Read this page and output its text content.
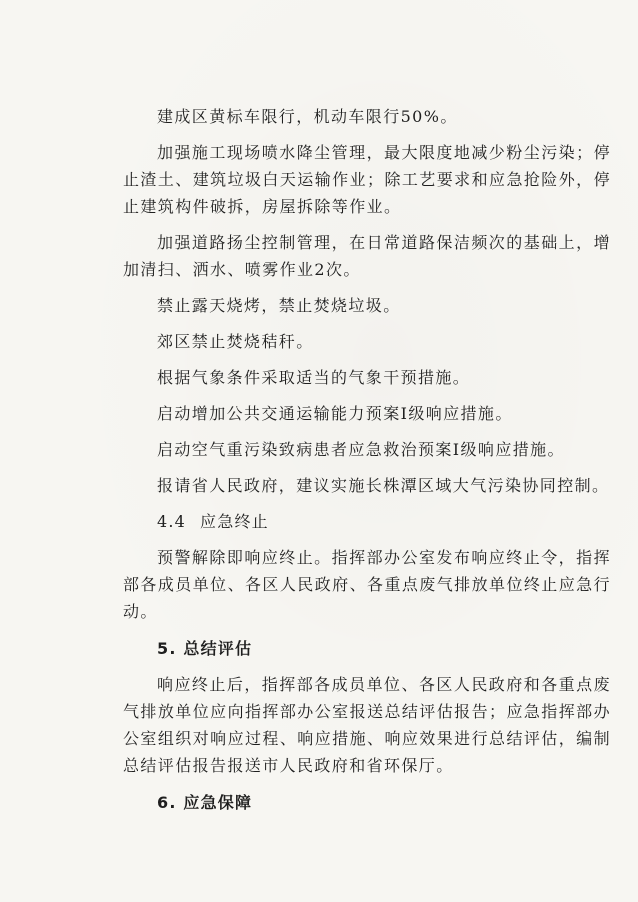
建成区黄标车限行，机动车限行50%。

加强施工现场喷水降尘管理，最大限度地减少粉尘污染；停止渣土、建筑垃圾白天运输作业；除工艺要求和应急抢险外，停止建筑构件破拆，房屋拆除等作业。

加强道路扬尘控制管理，在日常道路保洁频次的基础上，增加清扫、洒水、喷雾作业2次。

禁止露天烧烤，禁止焚烧垃圾。

郊区禁止焚烧秸秆。

根据气象条件采取适当的气象干预措施。

启动增加公共交通运输能力预案Ⅰ级响应措施。

启动空气重污染致病患者应急救治预案Ⅰ级响应措施。

报请省人民政府，建议实施长株潭区域大气污染协同控制。

4.4 应急终止

预警解除即响应终止。指挥部办公室发布响应终止令，指挥部各成员单位、各区人民政府、各重点废气排放单位终止应急行动。

5. 总结评估

响应终止后，指挥部各成员单位、各区人民政府和各重点废气排放单位应向指挥部办公室报送总结评估报告；应急指挥部办公室组织对响应过程、响应措施、响应效果进行总结评估，编制总结评估报告报送市人民政府和省环保厅。

6. 应急保障
